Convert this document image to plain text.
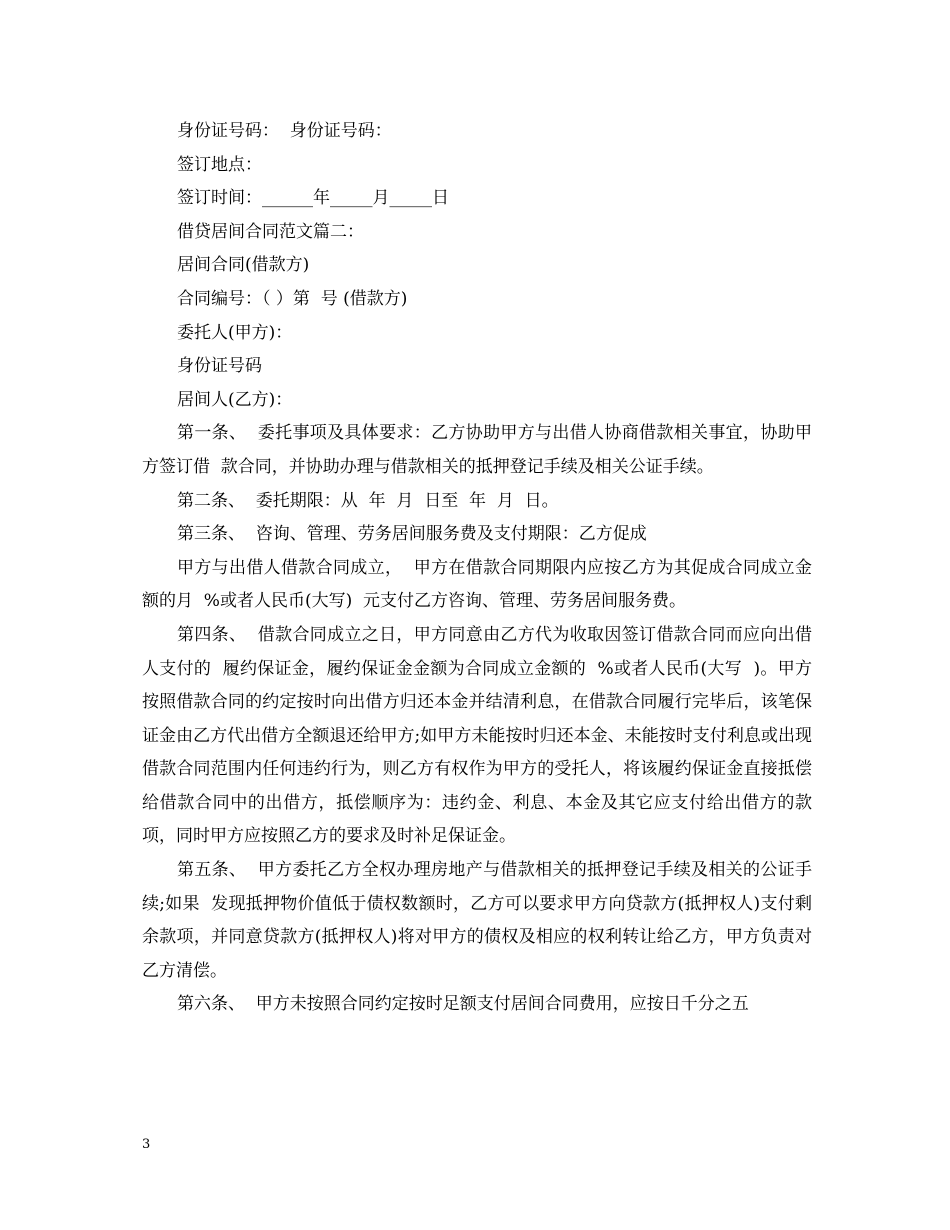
身份证号码：  身份证号码：

签订地点：

签订时间：______年_____月_____日

借贷居间合同范文篇二：

居间合同(借款方)

合同编号：（ ）第  号 (借款方)

委托人(甲方)：

身份证号码

居间人(乙方)：

第一条、  委托事项及具体要求：乙方协助甲方与出借人协商借款相关事宜，协助甲方签订借  款合同，并协助办理与借款相关的抵押登记手续及相关公证手续。

第二条、  委托期限：从  年  月  日至  年  月  日。

第三条、  咨询、管理、劳务居间服务费及支付期限：乙方促成

甲方与出借人借款合同成立，  甲方在借款合同期限内应按乙方为其促成合同成立金额的月  %或者人民币(大写)  元支付乙方咨询、管理、劳务居间服务费。

第四条、  借款合同成立之日，甲方同意由乙方代为收取因签订借款合同而应向出借人支付的  履约保证金，履约保证金金额为合同成立金额的  %或者人民币(大写  )。甲方按照借款合同的约定按时向出借方归还本金并结清利息，在借款合同履行完毕后，该笔保证金由乙方代出借方全额退还给甲方;如甲方未能按时归还本金、未能按时支付利息或出现借款合同范围内任何违约行为，则乙方有权作为甲方的受托人，将该履约保证金直接抵偿给借款合同中的出借方，抵偿顺序为：违约金、利息、本金及其它应支付给出借方的款项，同时甲方应按照乙方的要求及时补足保证金。

第五条、  甲方委托乙方全权办理房地产与借款相关的抵押登记手续及相关的公证手续;如果  发现抵押物价值低于债权数额时，乙方可以要求甲方向贷款方(抵押权人)支付剩余款项，并同意贷款方(抵押权人)将对甲方的债权及相应的权利转让给乙方，甲方负责对乙方清偿。

第六条、  甲方未按照合同约定按时足额支付居间合同费用，应按日千分之五

3
